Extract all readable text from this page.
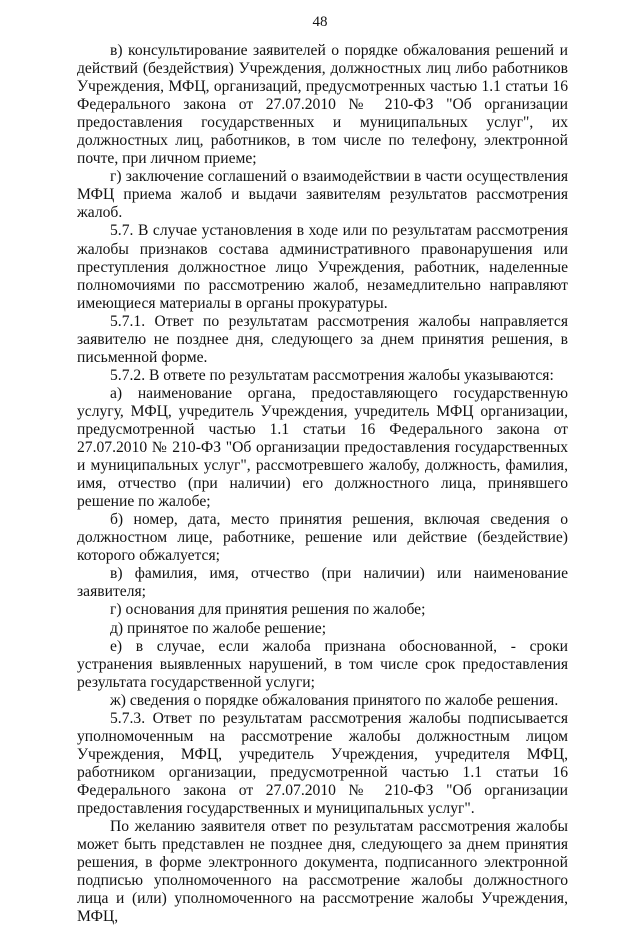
48

в) консультирование заявителей о порядке обжалования решений и действий (бездействия) Учреждения, должностных лиц либо работников Учреждения, МФЦ, организаций, предусмотренных частью 1.1 статьи 16 Федерального закона от 27.07.2010 № 210-ФЗ "Об организации предоставления государственных и муниципальных услуг", их должностных лиц, работников, в том числе по телефону, электронной почте, при личном приеме;

г) заключение соглашений о взаимодействии в части осуществления МФЦ приема жалоб и выдачи заявителям результатов рассмотрения жалоб.

5.7. В случае установления в ходе или по результатам рассмотрения жалобы признаков состава административного правонарушения или преступления должностное лицо Учреждения, работник, наделенные полномочиями по рассмотрению жалоб, незамедлительно направляют имеющиеся материалы в органы прокуратуры.

5.7.1. Ответ по результатам рассмотрения жалобы направляется заявителю не позднее дня, следующего за днем принятия решения, в письменной форме.

5.7.2. В ответе по результатам рассмотрения жалобы указываются:

а) наименование органа, предоставляющего государственную услугу, МФЦ, учредитель Учреждения, учредитель МФЦ организации, предусмотренной частью 1.1 статьи 16 Федерального закона от 27.07.2010 № 210-ФЗ "Об организации предоставления государственных и муниципальных услуг", рассмотревшего жалобу, должность, фамилия, имя, отчество (при наличии) его должностного лица, принявшего решение по жалобе;

б) номер, дата, место принятия решения, включая сведения о должностном лице, работнике, решение или действие (бездействие) которого обжалуется;

в) фамилия, имя, отчество (при наличии) или наименование заявителя;

г) основания для принятия решения по жалобе;

д) принятое по жалобе решение;

е) в случае, если жалоба признана обоснованной, - сроки устранения выявленных нарушений, в том числе срок предоставления результата государственной услуги;

ж) сведения о порядке обжалования принятого по жалобе решения.

5.7.3. Ответ по результатам рассмотрения жалобы подписывается уполномоченным на рассмотрение жалобы должностным лицом Учреждения, МФЦ, учредитель Учреждения, учредителя МФЦ, работником организации, предусмотренной частью 1.1 статьи 16 Федерального закона от 27.07.2010 № 210-ФЗ "Об организации предоставления государственных и муниципальных услуг".

По желанию заявителя ответ по результатам рассмотрения жалобы может быть представлен не позднее дня, следующего за днем принятия решения, в форме электронного документа, подписанного электронной подписью уполномоченного на рассмотрение жалобы должностного лица и (или) уполномоченного на рассмотрение жалобы Учреждения, МФЦ,
